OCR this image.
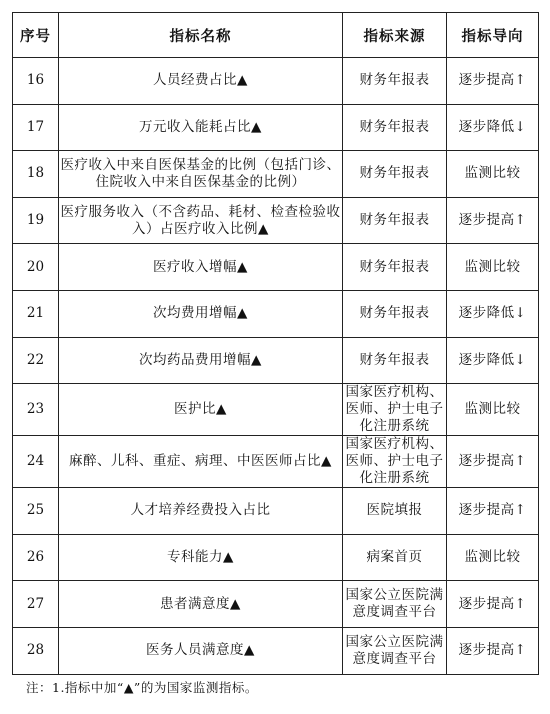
序号	指标名称	指标来源	指标导向
16	人员经费占比▲	财务年报表	逐步提高↑
17	万元收入能耗占比▲	财务年报表	逐步降低↓
18	医疗收入中来自医保基金的比例（包括门诊、住院收入中来自医保基金的比例）	财务年报表	监测比较
19	医疗服务收入（不含药品、耗材、检查检验收入）占医疗收入比例▲	财务年报表	逐步提高↑
20	医疗收入增幅▲	财务年报表	监测比较
21	次均费用增幅▲	财务年报表	逐步降低↓
22	次均药品费用增幅▲	财务年报表	逐步降低↓
23	医护比▲	国家医疗机构、医师、护士电子化注册系统	监测比较
24	麻醉、儿科、重症、病理、中医医师占比▲	国家医疗机构、医师、护士电子化注册系统	逐步提高↑
25	人才培养经费投入占比	医院填报	逐步提高↑
26	专科能力▲	病案首页	监测比较
27	患者满意度▲	国家公立医院满意度调查平台	逐步提高↑
28	医务人员满意度▲	国家公立医院满意度调查平台	逐步提高↑
注：1.指标中加“▲”的为国家监测指标。
